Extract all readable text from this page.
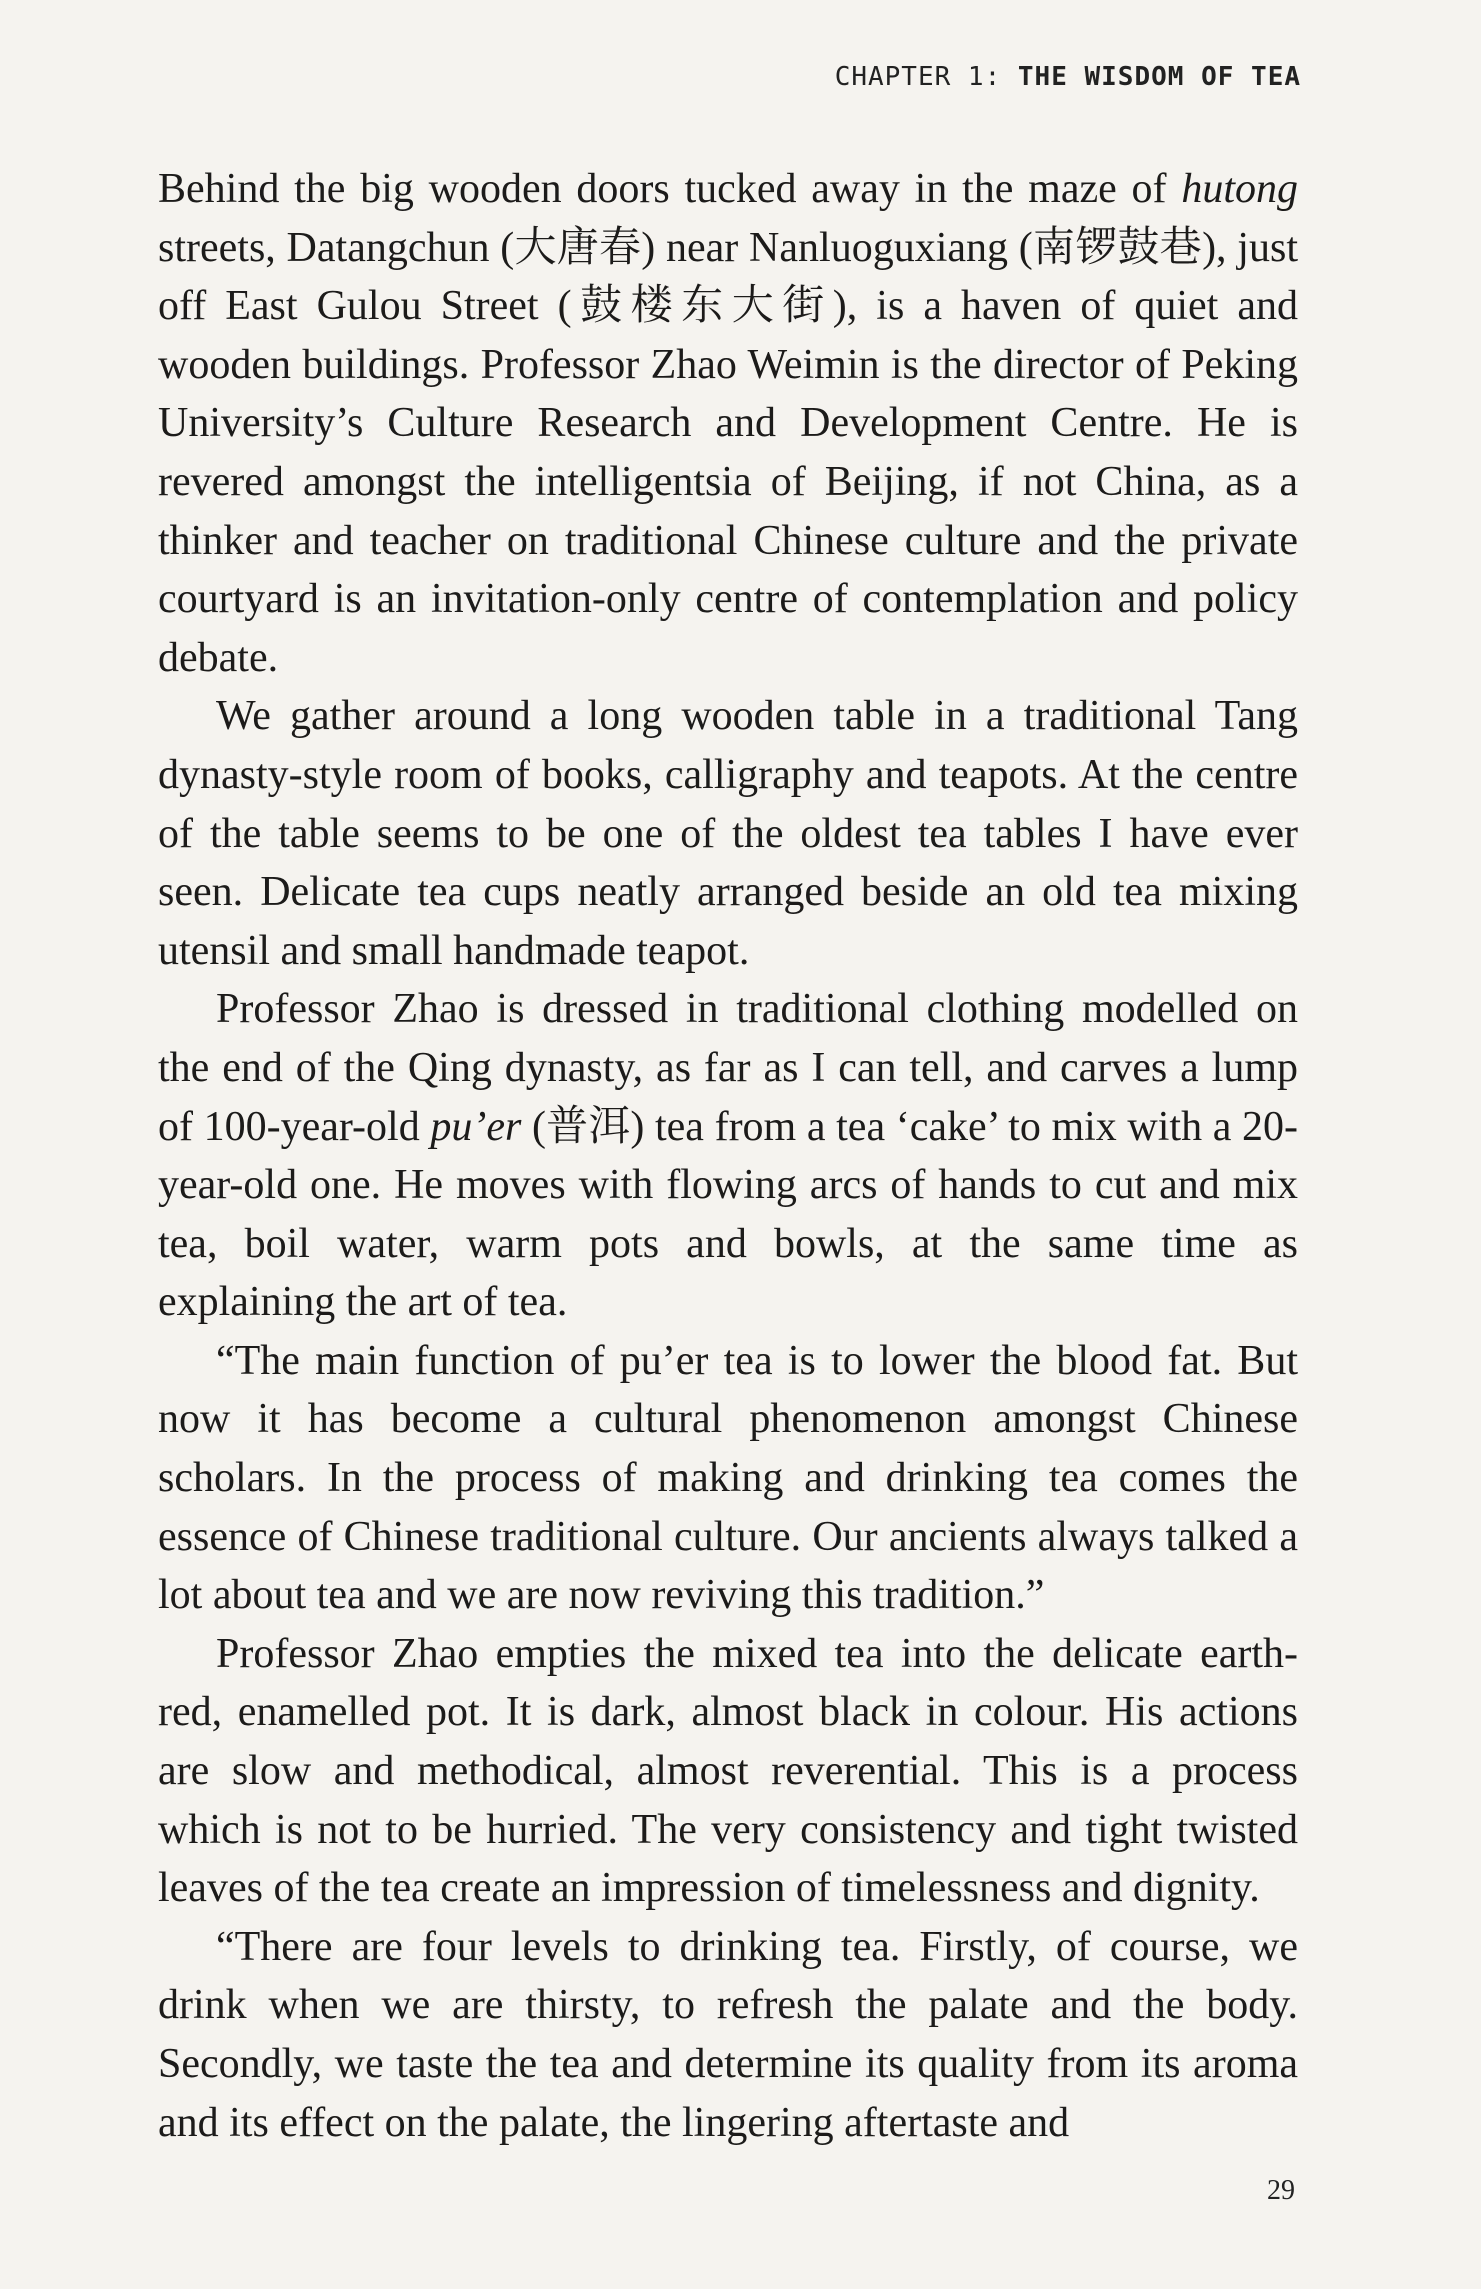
CHAPTER 1: THE WISDOM OF TEA

Behind the big wooden doors tucked away in the maze of hutong streets, Datangchun (大唐春) near Nanluoguxiang (南锣鼓巷), just off East Gulou Street (鼓楼东大街), is a haven of quiet and wooden buildings. Professor Zhao Weimin is the director of Peking University’s Culture Research and Development Centre. He is revered amongst the intelligentsia of Beijing, if not China, as a thinker and teacher on traditional Chinese culture and the private courtyard is an invitation-only centre of contemplation and policy debate.

We gather around a long wooden table in a traditional Tang dynasty-style room of books, calligraphy and teapots. At the centre of the table seems to be one of the oldest tea tables I have ever seen. Delicate tea cups neatly arranged beside an old tea mixing utensil and small handmade teapot.

Professor Zhao is dressed in traditional clothing modelled on the end of the Qing dynasty, as far as I can tell, and carves a lump of 100-year-old pu’er (普洱) tea from a tea ‘cake’ to mix with a 20-year-old one. He moves with flowing arcs of hands to cut and mix tea, boil water, warm pots and bowls, at the same time as explaining the art of tea.

“The main function of pu’er tea is to lower the blood fat. But now it has become a cultural phenomenon amongst Chinese scholars. In the process of making and drinking tea comes the essence of Chinese traditional culture. Our ancients always talked a lot about tea and we are now reviving this tradition.”

Professor Zhao empties the mixed tea into the delicate earth-red, enamelled pot. It is dark, almost black in colour. His actions are slow and methodical, almost reverential. This is a process which is not to be hurried. The very consistency and tight twisted leaves of the tea create an impression of timelessness and dignity.

“There are four levels to drinking tea. Firstly, of course, we drink when we are thirsty, to refresh the palate and the body. Secondly, we taste the tea and determine its quality from its aroma and its effect on the palate, the lingering aftertaste and

29
